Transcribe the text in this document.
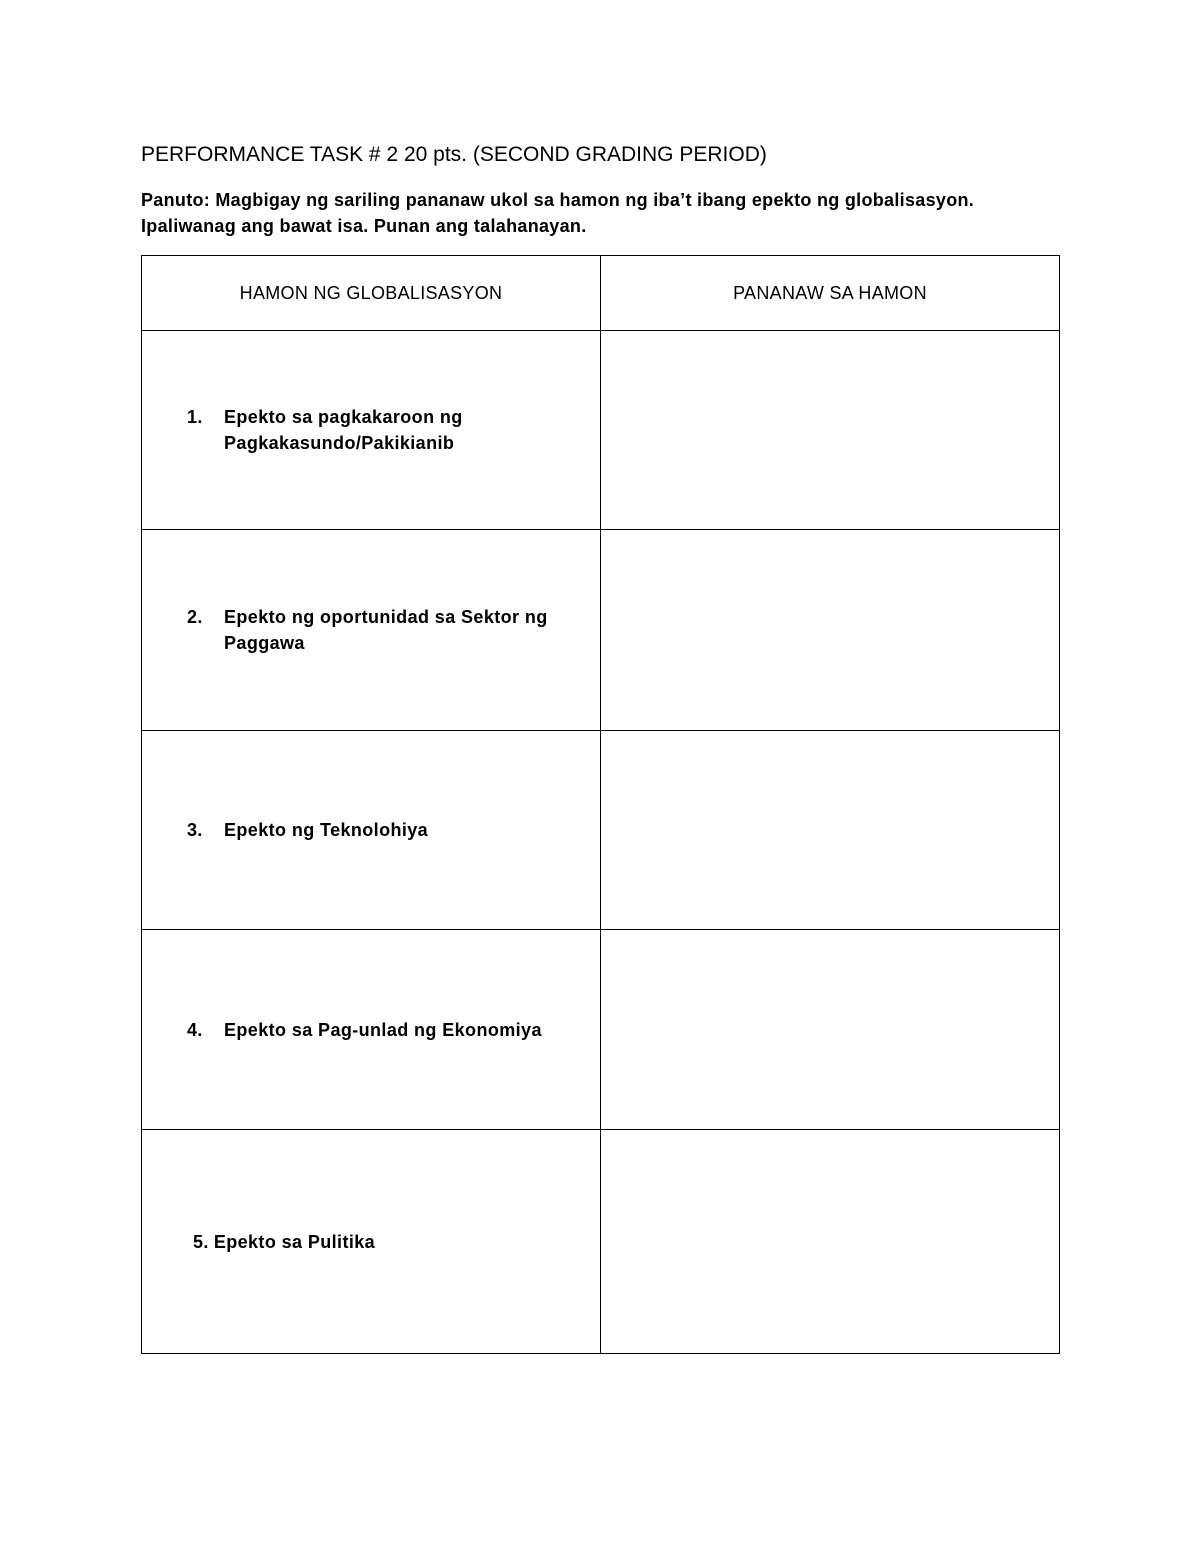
PERFORMANCE TASK # 2 20 pts. (SECOND GRADING PERIOD)
Panuto: Magbigay ng sariling pananaw ukol sa hamon ng iba’t ibang epekto ng globalisasyon. Ipaliwanag ang bawat isa. Punan ang talahanayan.
HAMON NG GLOBALISASYON	PANANAW SA HAMON

1. Epekto sa pagkakaroon ng Pagkakasundo/Pakikianib	

2. Epekto ng oportunidad sa Sektor ng Paggawa	

3. Epekto ng Teknolohiya	

4. Epekto sa Pag-unlad ng Ekonomiya	

5. Epekto sa Pulitika	
